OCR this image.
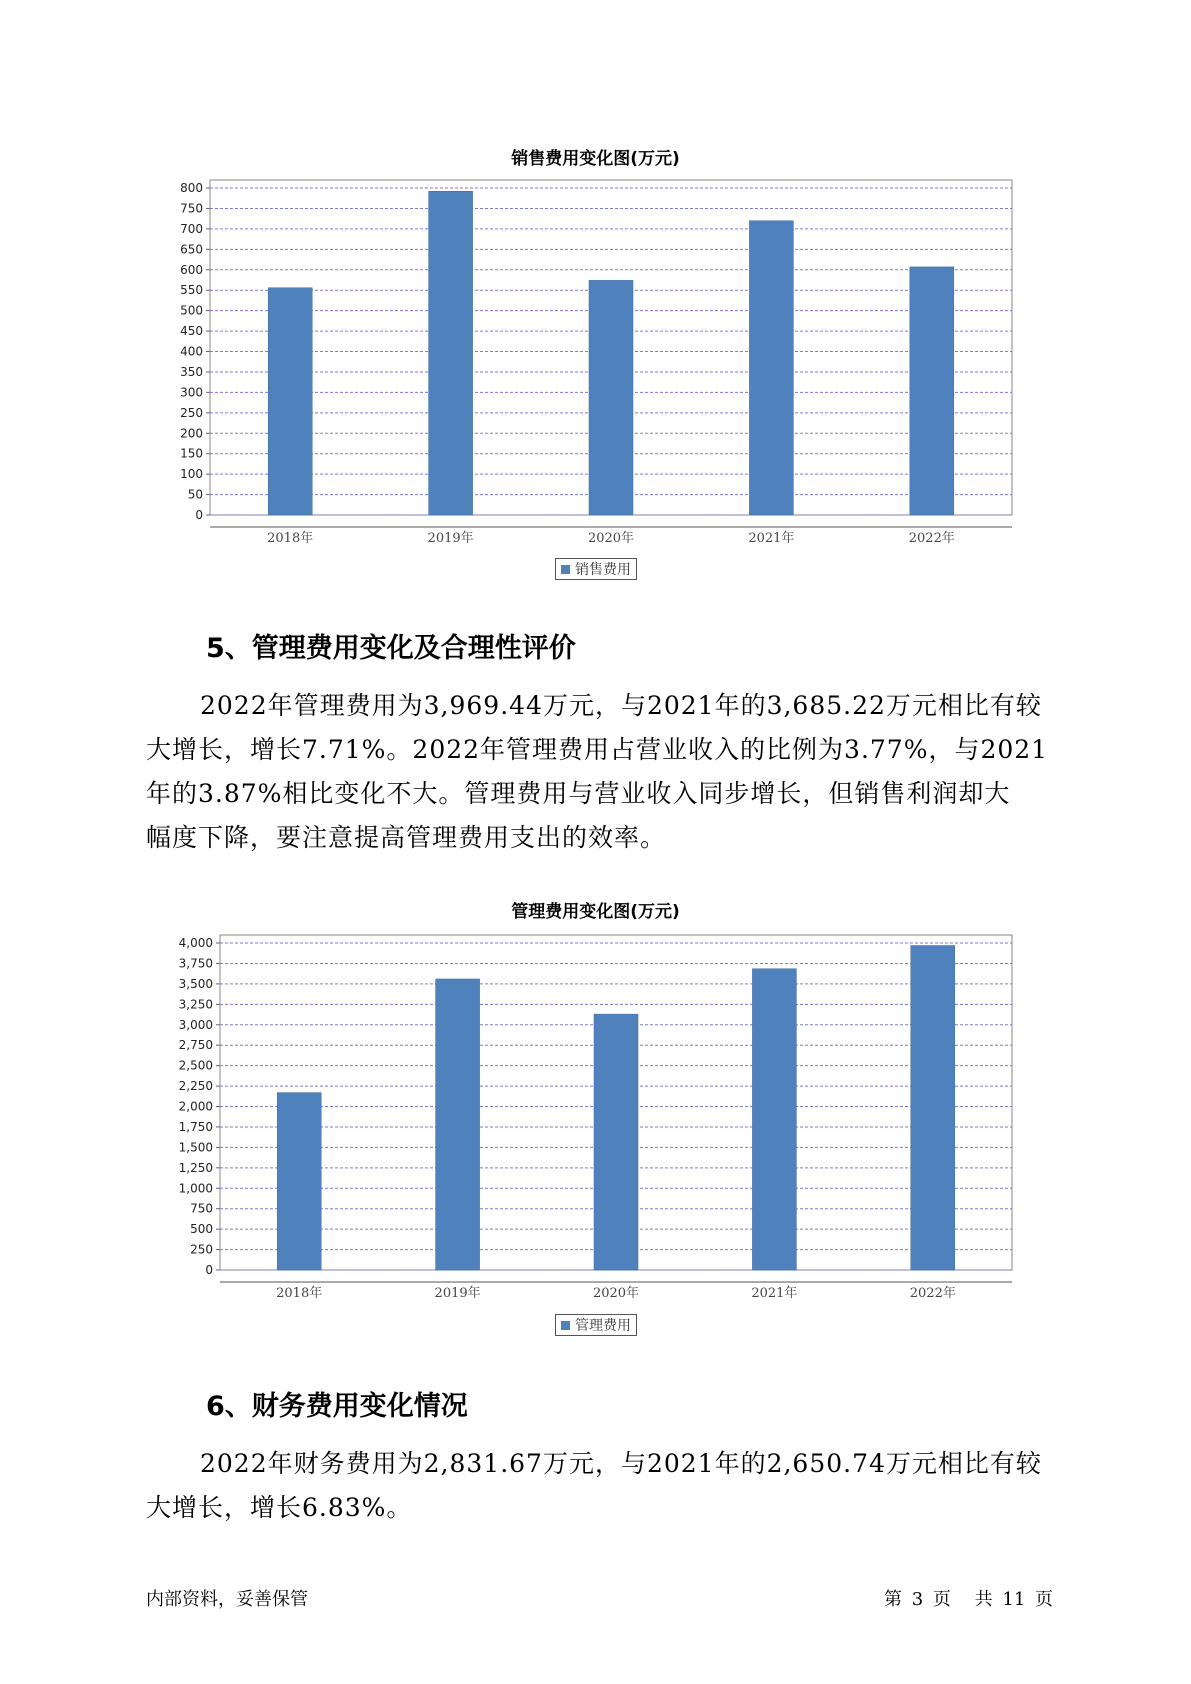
销售费用变化图(万元)
0
50
100
150
200
250
300
350
400
450
500
550
600
650
700
750
800
2018年	2019年	2020年	2021年	2022年
销售费用
5、管理费用变化及合理性评价
2022年管理费用为3,969.44万元，与2021年的3,685.22万元相比有较
大增长，增长7.71%。2022年管理费用占营业收入的比例为3.77%，与2021
年的3.87%相比变化不大。管理费用与营业收入同步增长，但销售利润却大
幅度下降，要注意提高管理费用支出的效率。
管理费用变化图(万元)
0
250
500
750
1,000
1,250
1,500
1,750
2,000
2,250
2,500
2,750
3,000
3,250
3,500
3,750
4,000
2018年	2019年	2020年	2021年	2022年
管理费用
6、财务费用变化情况
2022年财务费用为2,831.67万元，与2021年的2,650.74万元相比有较
大增长，增长6.83%。
内部资料，妥善保管	第 3 页 共 11 页
